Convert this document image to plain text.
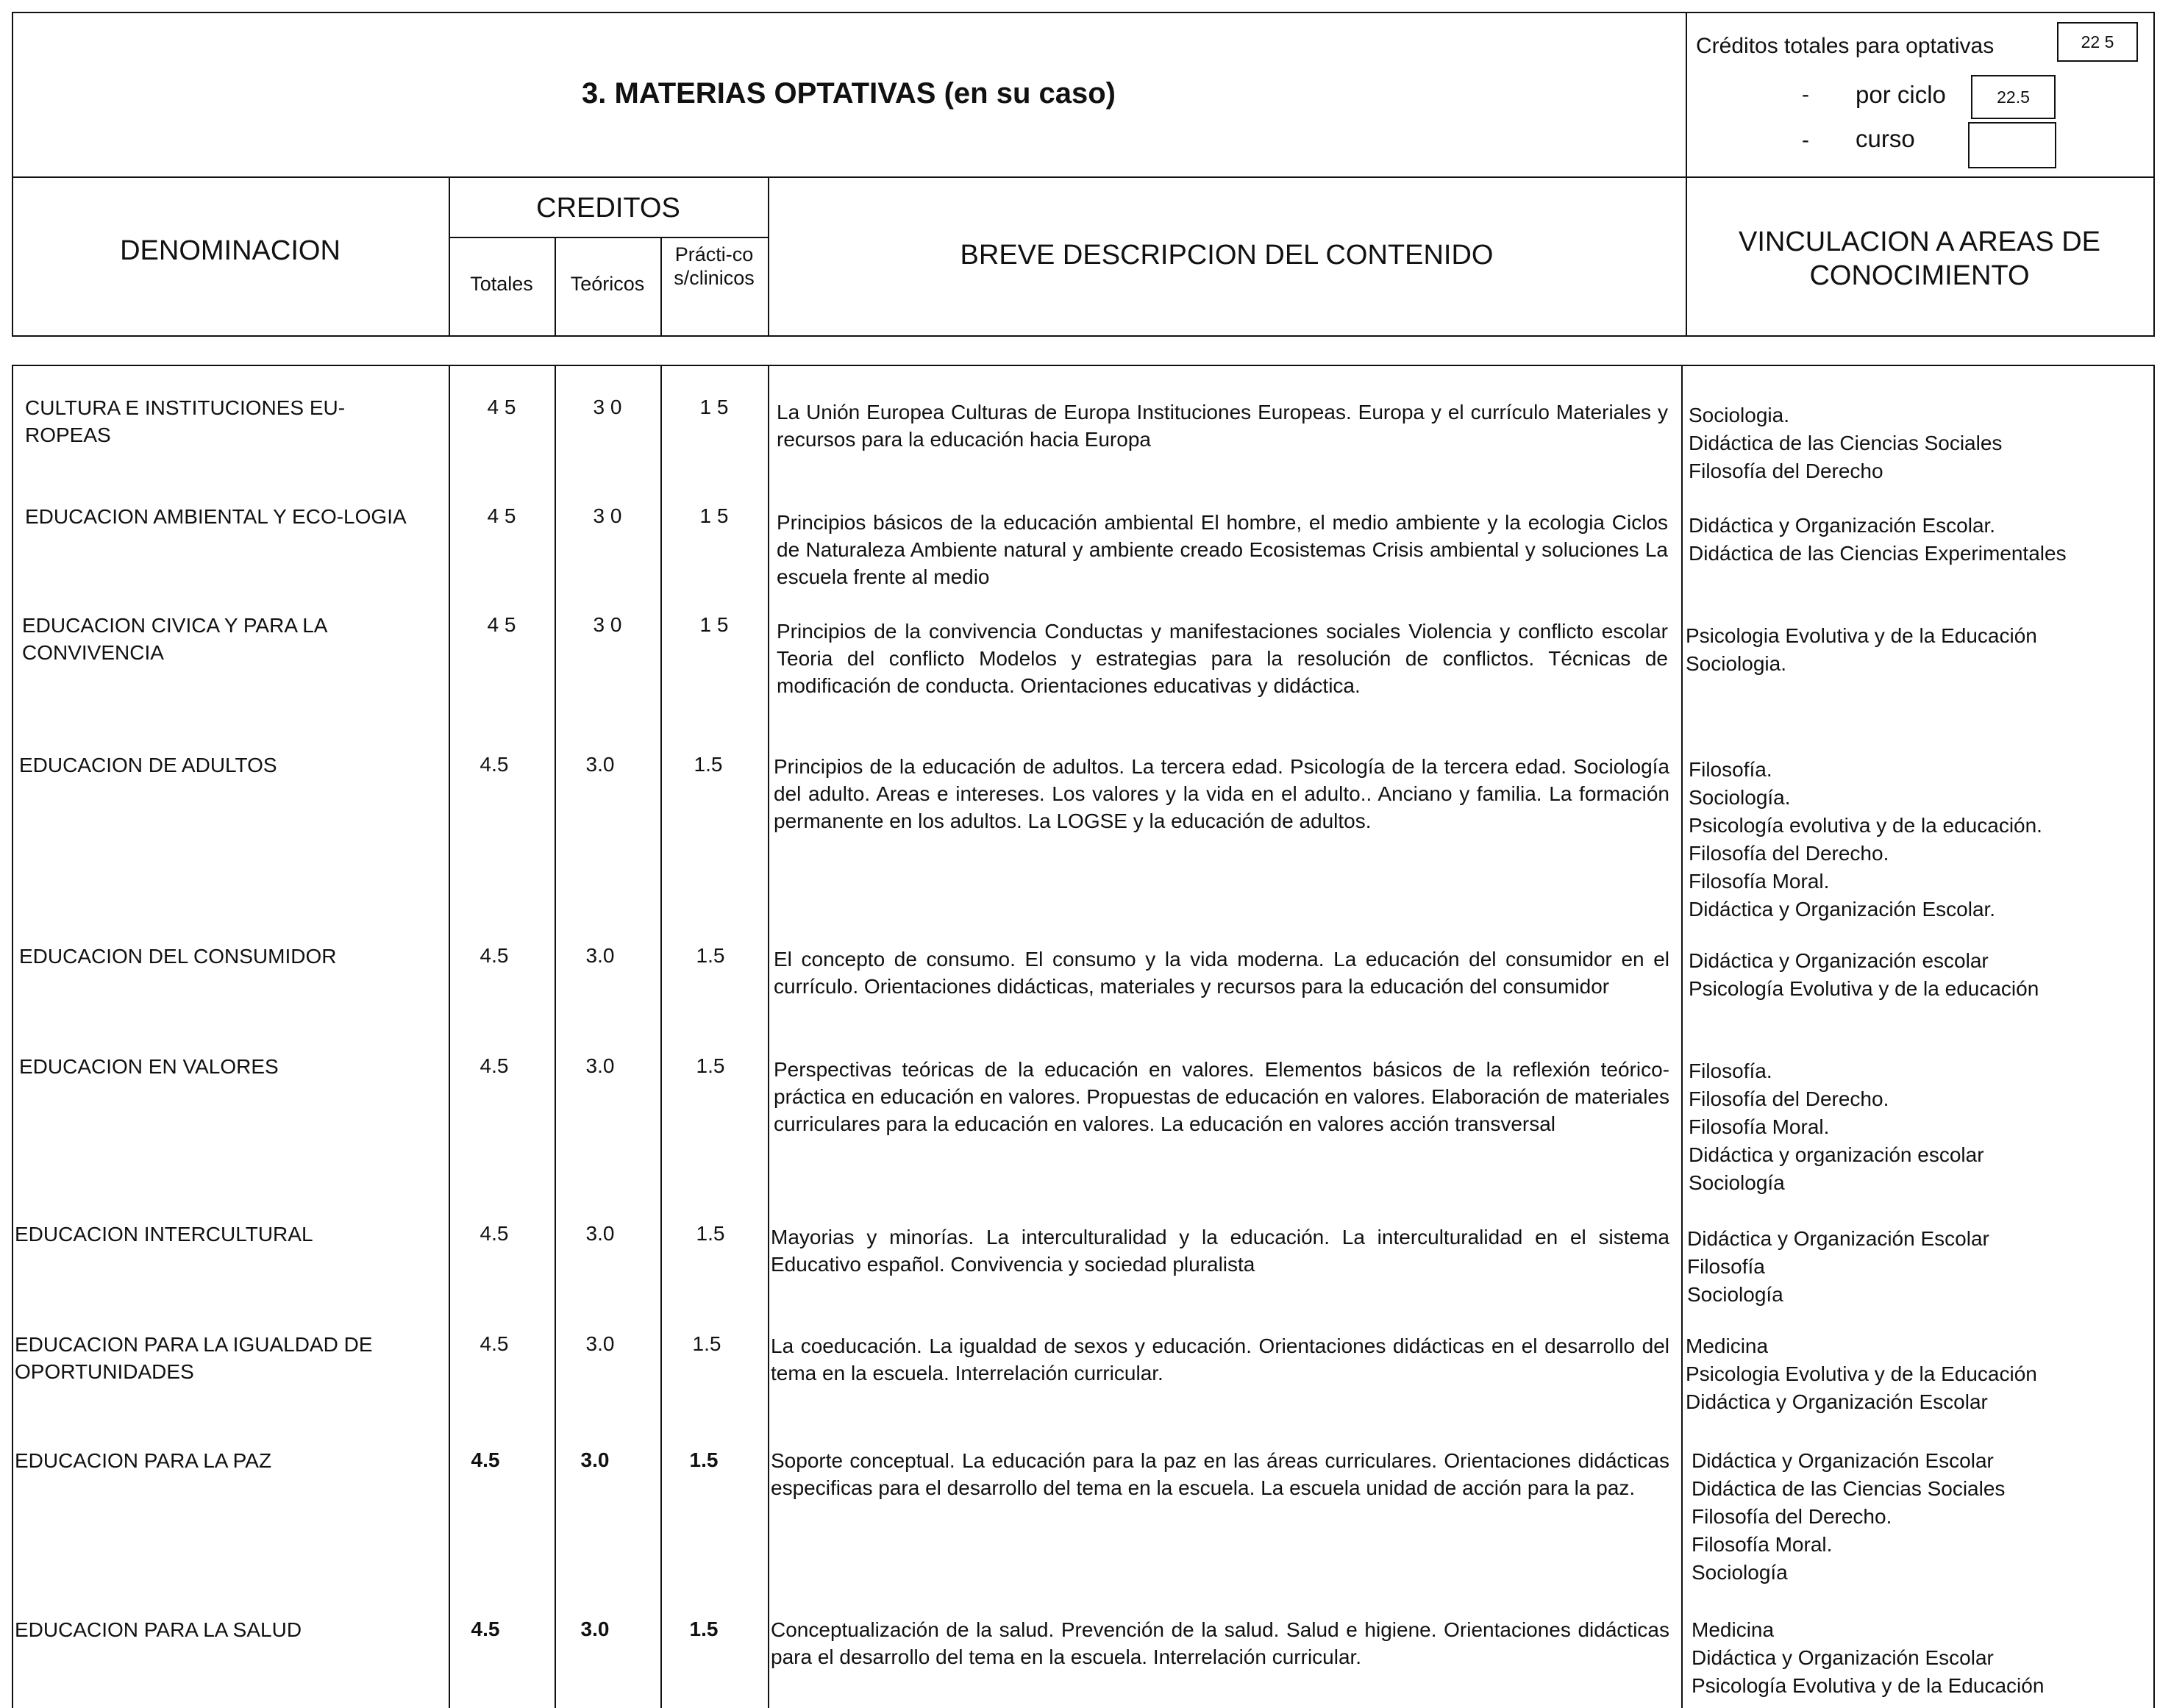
3. MATERIAS OPTATIVAS (en su caso)
Créditos totales para optativas	22 5
- por ciclo	22.5
- curso
DENOMINACION
CREDITOS
Totales	Teóricos
Prácti-cos/clinicos
BREVE DESCRIPCION DEL CONTENIDO	VINCULACION A AREAS DE CONOCIMIENTO
CULTURA E INSTITUCIONES EU-ROPEAS
4 5	3 0	1 5	La Unión Europea Culturas de Europa Instituciones Europeas. Europa y el currículo Materiales y recursos para la educación hacia Europa
Sociologia.
Didáctica de las Ciencias Sociales
Filosofía del Derecho
EDUCACION AMBIENTAL Y ECO-LOGIA	4 5	3 0	1 5	Principios básicos de la educación ambiental El hombre, el medio ambiente y la ecologia Ciclos de Naturaleza Ambiente natural y ambiente creado Ecosistemas Crisis ambiental y soluciones La escuela frente al medio
Didáctica y Organización Escolar.
Didáctica de las Ciencias Experimentales
EDUCACION CIVICA Y PARA LA CONVIVENCIA
4 5	3 0	1 5	Principios de la convivencia Conductas y manifestaciones sociales Violencia y conflicto escolar Teoria del conflicto Modelos y estrategias para la resolución de conflictos. Técnicas de modificación de conducta. Orientaciones educativas y didáctica.
Psicologia Evolutiva y de la Educación
Sociologia.
EDUCACION DE ADULTOS	4.5	3.0	1.5	Principios de la educación de adultos. La tercera edad. Psicología de la tercera edad. Sociología del adulto. Areas e intereses. Los valores y la vida en el adulto.. Anciano y familia. La formación permanente en los adultos. La LOGSE y la educación de adultos.
Filosofía.
Sociología.
Psicología evolutiva y de la educación.
Filosofía del Derecho.
Filosofía Moral.
Didáctica y Organización Escolar.
EDUCACION DEL CONSUMIDOR	4.5	3.0	1.5	El concepto de consumo. El consumo y la vida moderna. La educación del consumidor en el currículo. Orientaciones didácticas, materiales y recursos para la educación del consumidor
Didáctica y Organización escolar
Psicología Evolutiva y de la educación
EDUCACION EN VALORES	4.5	3.0	1.5	Perspectivas teóricas de la educación en valores. Elementos básicos de la reflexión teórico-práctica en educación en valores. Propuestas de educación en valores. Elaboración de materiales curriculares para la educación en valores. La educación en valores acción transversal
Filosofía.
Filosofía del Derecho.
Filosofía Moral.
Didáctica y organización escolar
Sociología
EDUCACION INTERCULTURAL	4.5	3.0	1.5	Mayorias y minorías. La interculturalidad y la educación. La interculturalidad en el sistema Educativo español. Convivencia y sociedad pluralista
Didáctica y Organización Escolar
Filosofía
Sociología
EDUCACION PARA LA IGUALDAD DE OPORTUNIDADES
4.5	3.0	1.5	La coeducación. La igualdad de sexos y educación. Orientaciones didácticas en el desarrollo del tema en la escuela. Interrelación curricular.
Medicina
Psicologia Evolutiva y de la Educación
Didáctica y Organización Escolar
EDUCACION PARA LA PAZ	4.5	3.0	1.5	Soporte conceptual. La educación para la paz en las áreas curriculares. Orientaciones didácticas especificas para el desarrollo del tema en la escuela. La escuela unidad de acción para la paz.
Didáctica y Organización Escolar
Didáctica de las Ciencias Sociales
Filosofía del Derecho.
Filosofía Moral.
Sociología
EDUCACION PARA LA SALUD	4.5	3.0	1.5	Conceptualización de la salud. Prevención de la salud. Salud e higiene. Orientaciones didácticas para el desarrollo del tema en la escuela. Interrelación curricular.
Medicina
Didáctica y Organización Escolar
Psicología Evolutiva y de la Educación
